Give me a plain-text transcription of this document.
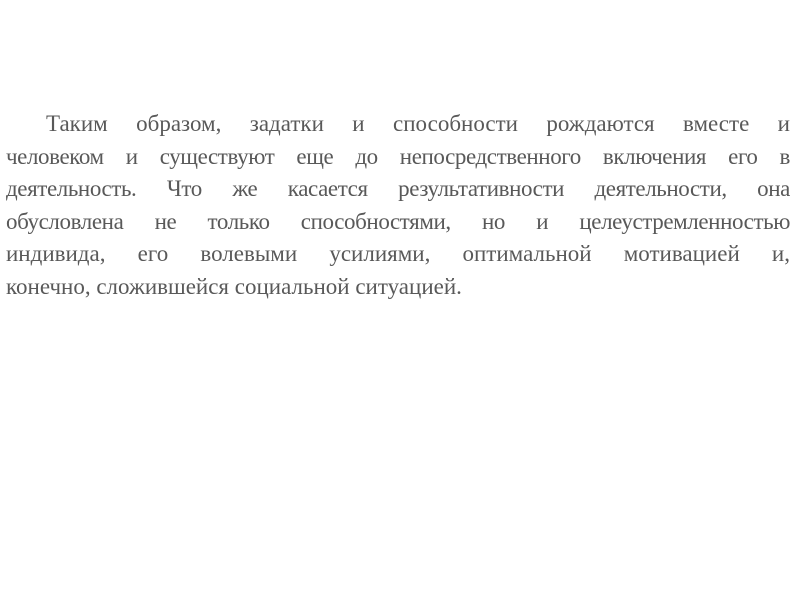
Таким образом, задатки и способности рождаются вместе и
человеком и существуют еще до непосредственного включения его в
деятельность. Что же касается результативности деятельности, она
обусловлена не только способностями, но и целеустремленностью
индивида, его волевыми усилиями, оптимальной мотивацией и,
конечно, сложившейся социальной ситуацией.
